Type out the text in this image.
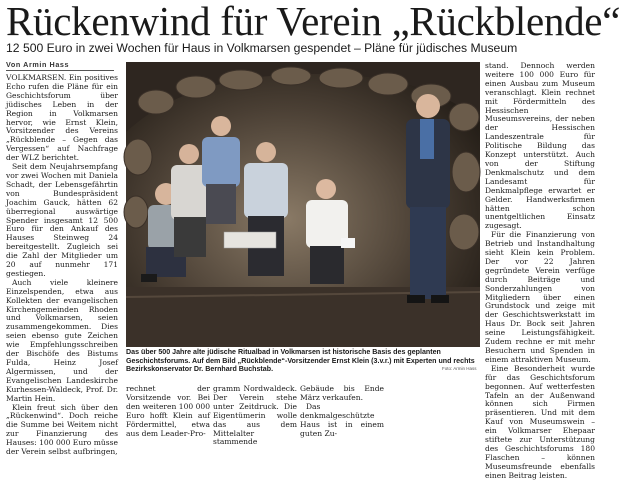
Rückenwind für Verein „Rückblende“
12 500 Euro in zwei Wochen für Haus in Volkmarsen gespendet – Pläne für jüdisches Museum
Von Armin Hass

VOLKMARSEN. Ein positives Echo rufen die Pläne für ein Geschichtsforum über jüdisches Leben in der Region in Volkmarsen hervor, wie Ernst Klein, Vorsitzender des Vereins „Rückblende – Gegen das Vergessen“ auf Nachfrage der WLZ berichtet.

Seit dem Neujahrsempfang vor zwei Wochen mit Daniela Schadt, der Lebensgefährtin von Bundespräsident Joachim Gauck, hätten 62 überregional auswärtige Spender insgesamt 12 500 Euro für den Ankauf des Hauses Steinweg 24 bereitgestellt. Zugleich sei die Zahl der Mitglieder um 20 auf nunmehr 171 gestiegen.

Auch viele kleinere Einzelspenden, etwa aus Kollekten der evangelischen Kirchengemeinden Rhoden und Volkmarsen, seien zusammengekommen. Dies seien ebenso gute Zeichen wie Empfehlungsschreiben der Bischöfe des Bistums Fulda, Heinz Josef Algermissen, und der Evangelischen Landeskirche Kurhessen-Waldeck, Prof. Dr. Martin Hein.

Klein freut sich über den „Rückenwind“. Doch reiche die Summe bei Weitem nicht zur Finanzierung des Hauses: 100 000 Euro müsse der Verein selbst aufbringen,

Das über 500 Jahre alte jüdische Ritualbad in Volkmarsen ist historische Basis des geplanten Geschichtsforums. Auf dem Bild „Rückblende“-Vorsitzender Ernst Klein (3.v.r.) mit Experten und rechts Bezirkskonservator Dr. Bernhard Buchstab.	Foto: Armin Hass
rechnet der Vorsitzende vor. Bei den weiteren 100 000 Euro hofft Klein auf Fördermittel, etwa aus dem Leader-Pro-
gramm Nordwaldeck. Der Verein stehe unter Zeitdruck. Die Eigentümerin wolle das aus dem Mittelalter stammende
Gebäude bis Ende März verkaufen.
Das denkmalgeschützte Haus ist in einem guten Zu-

stand. Dennoch werden weitere 100 000 Euro für einen Ausbau zum Museum veranschlagt. Klein rechnet mit Fördermitteln des Hessischen Museumsvereins, der neben der Hessischen Landeszentrale für Politische Bildung das Konzept unterstützt. Auch von der Stiftung Denkmalschutz und dem Landesamt für Denkmalpflege erwartet er Gelder. Handwerksfirmen hätten schon unentgeltlichen Einsatz zugesagt.

Für die Finanzierung von Betrieb und Instandhaltung sieht Klein kein Problem. Der vor 22 Jahren gegründete Verein verfüge durch Beiträge und Sonderzahlungen von Mitgliedern über einen Grundstock und zeige mit der Geschichtswerkstatt im Haus Dr. Bock seit Jahren seine Leistungsfähigkeit. Zudem rechne er mit mehr Besuchern und Spenden in einem attraktiven Museum.

Eine Besonderheit wurde für das Geschichtsforum begonnen. Auf wetterfesten Tafeln an der Außenwand können sich Firmen präsentieren. Und mit dem Kauf von Museumswein – ein Volkmarser Ehepaar stiftete zur Unterstützung des Geschichtsforums 180 Flaschen – können Museumsfreunde ebenfalls einen Beitrag leisten.
